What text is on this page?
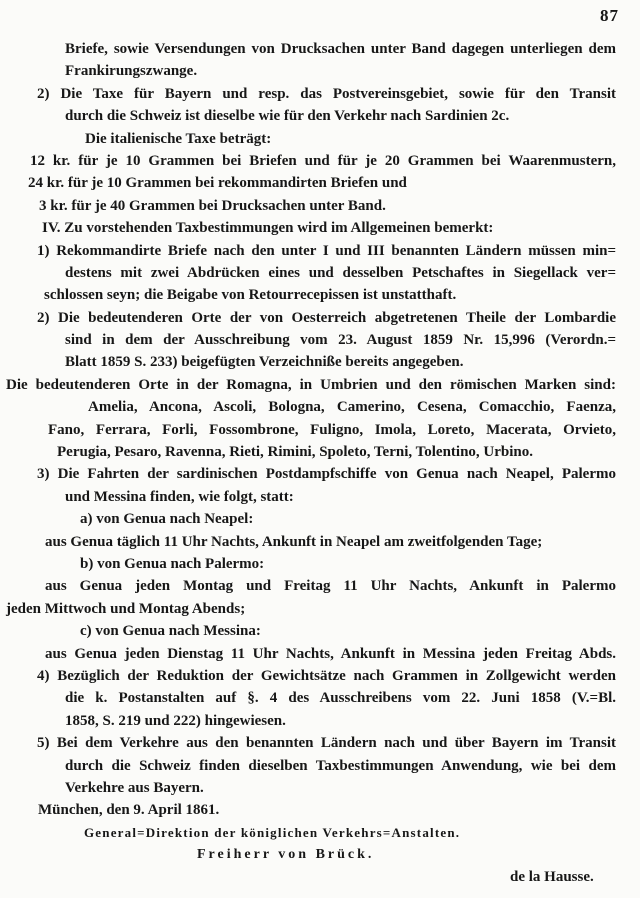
87
Briefe, sowie Versendungen von Drucksachen unter Band dagegen unterliegen dem
Frankirungszwange.
2) Die Taxe für Bayern und resp. das Postvereinsgebiet, sowie für den Transit
durch die Schweiz ist dieselbe wie für den Verkehr nach Sardinien 2c.
Die italienische Taxe beträgt:
12 kr. für je 10 Grammen bei Briefen und für je 20 Grammen bei Waarenmustern,
24 kr. für je 10 Grammen bei rekommandirten Briefen und
3 kr. für je 40 Grammen bei Drucksachen unter Band.
IV. Zu vorstehenden Taxbestimmungen wird im Allgemeinen bemerkt:
1) Rekommandirte Briefe nach den unter I und III benannten Ländern müssen min=
destens mit zwei Abdrücken eines und desselben Petschaftes in Siegellack ver=
schlossen seyn; die Beigabe von Retourrecepissen ist unstatthaft.
2) Die bedeutenderen Orte der von Oesterreich abgetretenen Theile der Lombardie
sind in dem der Ausschreibung vom 23. August 1859 Nr. 15,996 (Verordn.=
Blatt 1859 S. 233) beigefügten Verzeichniße bereits angegeben.
Die bedeutenderen Orte in der Romagna, in Umbrien und den römischen Marken sind:
Amelia, Ancona, Ascoli, Bologna, Camerino, Cesena, Comacchio, Faenza,
Fano, Ferrara, Forli, Fossombrone, Fuligno, Imola, Loreto, Macerata, Orvieto,
Perugia, Pesaro, Ravenna, Rieti, Rimini, Spoleto, Terni, Tolentino, Urbino.
3) Die Fahrten der sardinischen Postdampfschiffe von Genua nach Neapel, Palermo
und Messina finden, wie folgt, statt:
a) von Genua nach Neapel:
aus Genua täglich 11 Uhr Nachts, Ankunft in Neapel am zweitfolgenden Tage;
b) von Genua nach Palermo:
aus Genua jeden Montag und Freitag 11 Uhr Nachts, Ankunft in Palermo
jeden Mittwoch und Montag Abends;
c) von Genua nach Messina:
aus Genua jeden Dienstag 11 Uhr Nachts, Ankunft in Messina jeden Freitag Abds.
4) Bezüglich der Reduktion der Gewichtsätze nach Grammen in Zollgewicht werden
die k. Postanstalten auf §. 4 des Ausschreibens vom 22. Juni 1858 (V.=Bl.
1858, S. 219 und 222) hingewiesen.
5) Bei dem Verkehre aus den benannten Ländern nach und über Bayern im Transit
durch die Schweiz finden dieselben Taxbestimmungen Anwendung, wie bei dem
Verkehre aus Bayern.
München, den 9. April 1861.
General=Direktion der königlichen Verkehrs=Anstalten.
Freiherr von Brück.
de la Hausse.
